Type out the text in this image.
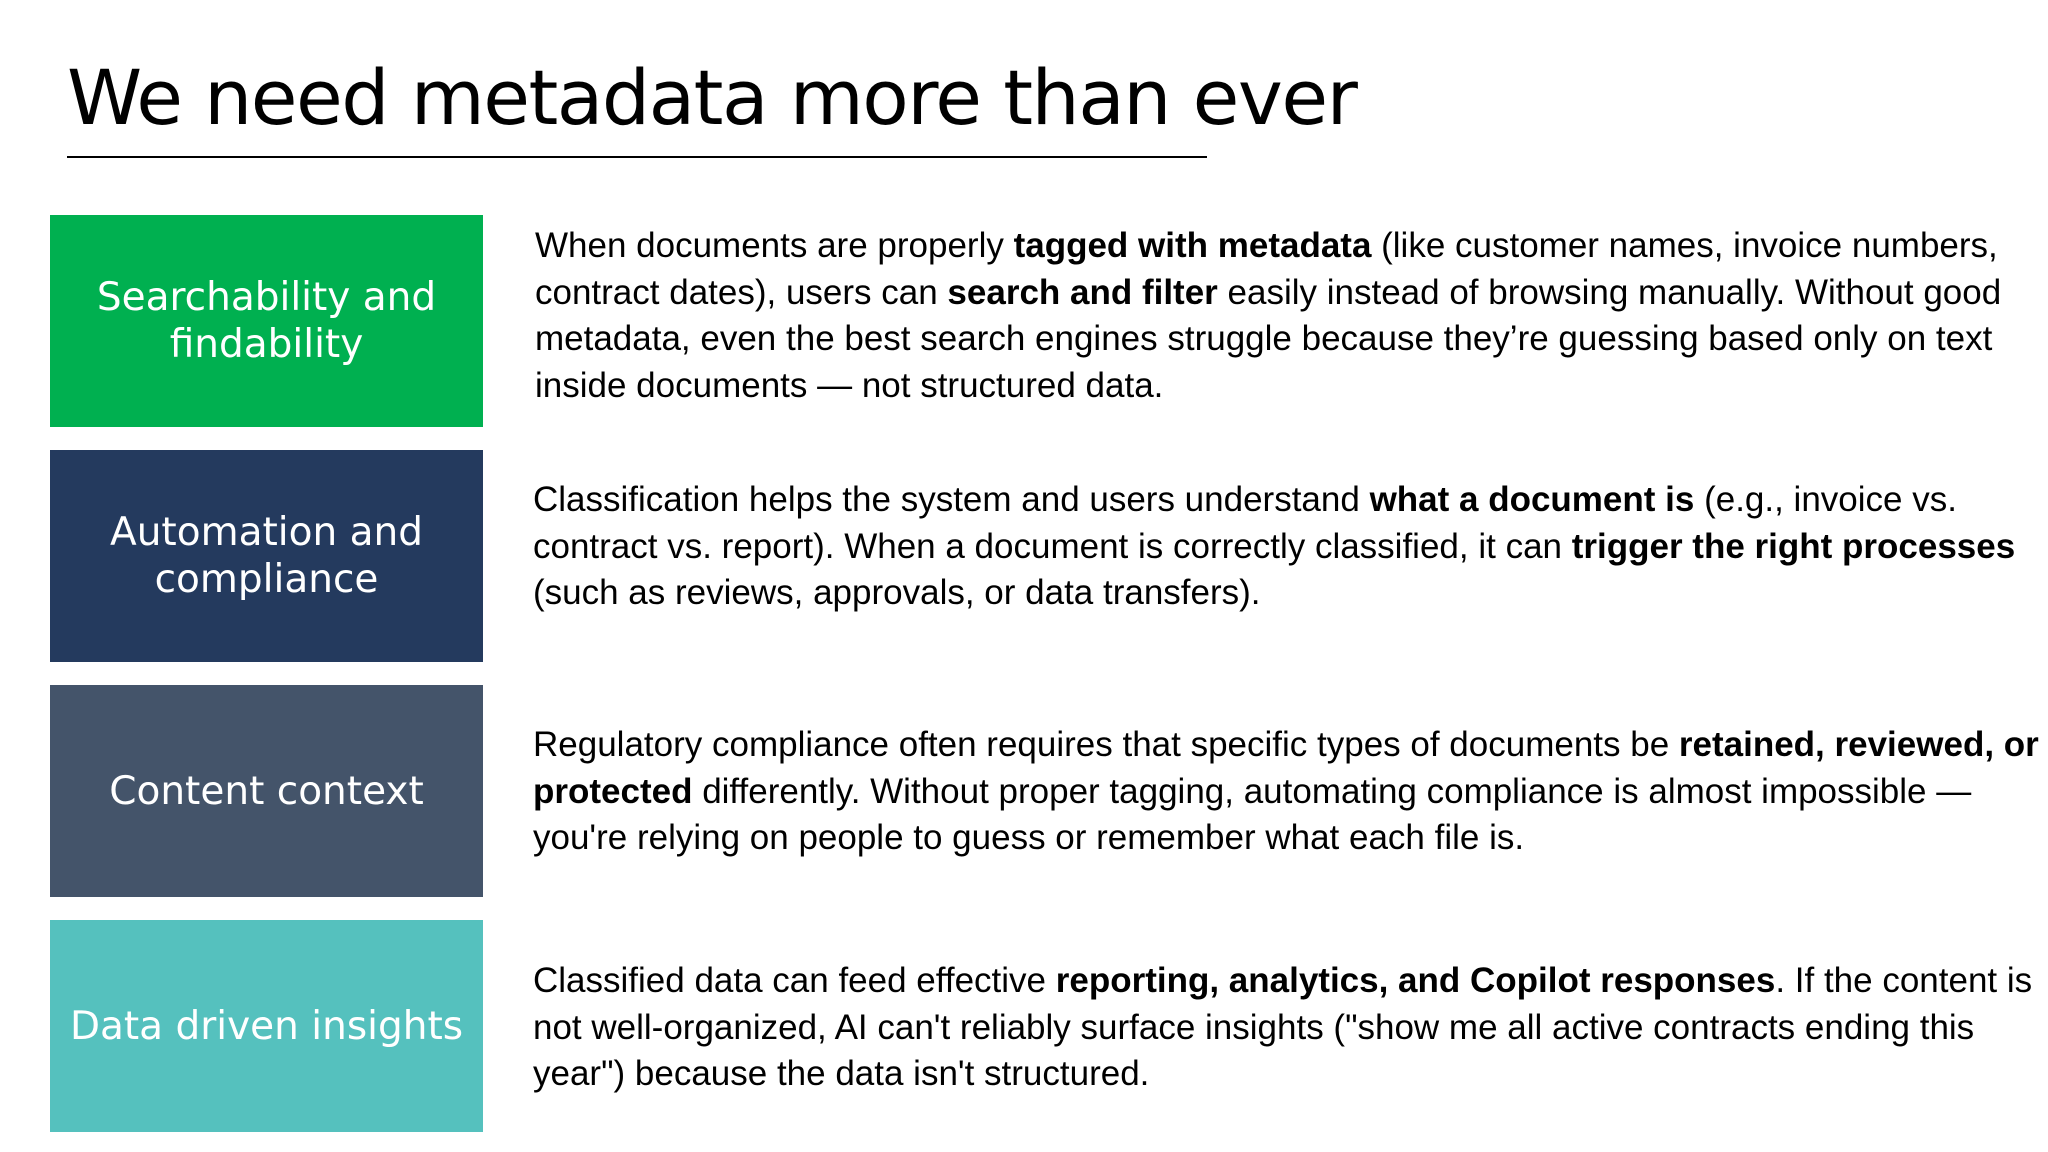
We need metadata more than ever
Searchability and findability

When documents are properly tagged with metadata (like customer names, invoice numbers, contract dates), users can search and filter easily instead of browsing manually. Without good metadata, even the best search engines struggle because they’re guessing based only on text inside documents — not structured data.

Automation and compliance

Classification helps the system and users understand what a document is (e.g., invoice vs. contract vs. report). When a document is correctly classified, it can trigger the right processes (such as reviews, approvals, or data transfers).

Content context

Regulatory compliance often requires that specific types of documents be retained, reviewed, or protected differently. Without proper tagging, automating compliance is almost impossible — you're relying on people to guess or remember what each file is.

Data driven insights

Classified data can feed effective reporting, analytics, and Copilot responses. If the content is not well-organized, AI can't reliably surface insights ("show me all active contracts ending this year") because the data isn't structured.
